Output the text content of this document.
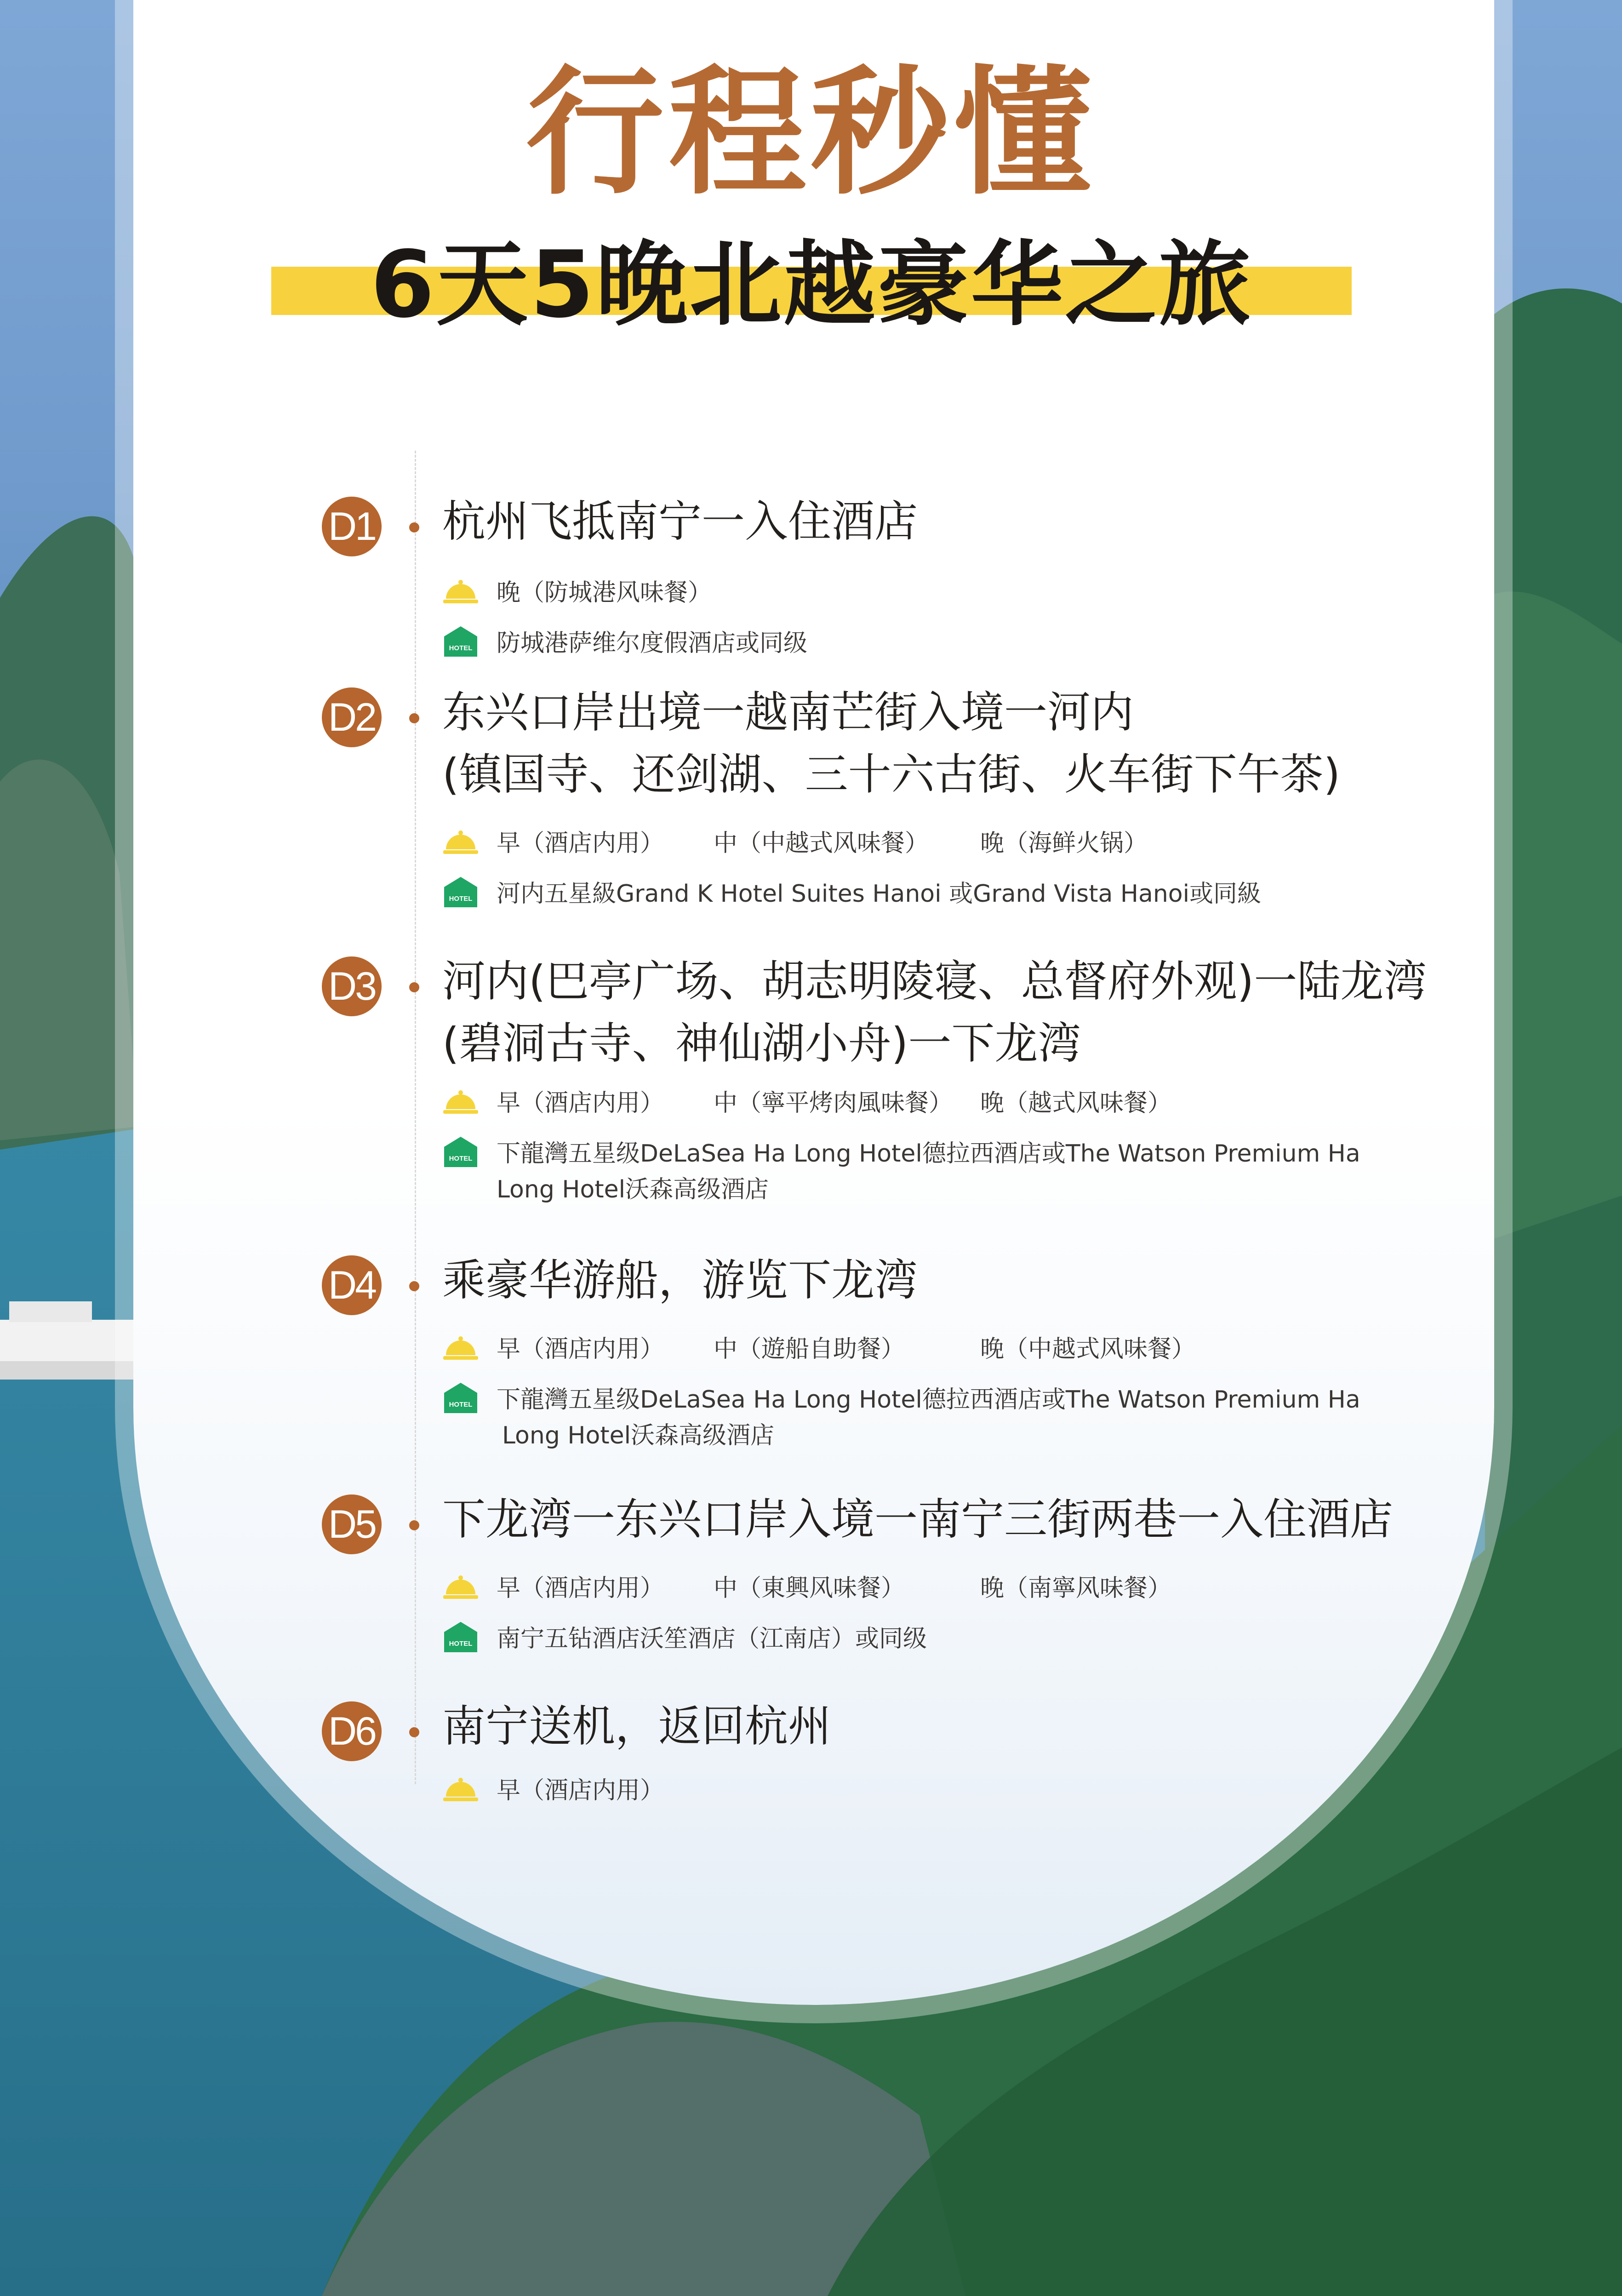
行程秒懂
6天5晚北越豪华之旅
D1 杭州飞抵南宁一入住酒店
晚（防城港风味餐）
HOTEL 防城港萨维尔度假酒店或同级
D2 东兴口岸出境一越南芒街入境一河内
(镇国寺、还剑湖、三十六古街、火车街下午茶)
早（酒店内用） 中（中越式风味餐） 晚（海鲜火锅）
HOTEL 河内五星級Grand K Hotel Suites Hanoi 或Grand Vista Hanoi或同級
D3 河内(巴亭广场、胡志明陵寝、总督府外观)一陆龙湾
(碧洞古寺、神仙湖小舟)一下龙湾
早（酒店内用） 中（寧平烤肉風味餐） 晚（越式风味餐）
HOTEL 下龍灣五星级DeLaSea Ha Long Hotel德拉西酒店或The Watson Premium Ha
Long Hotel沃森高级酒店
D4 乘豪华游船，游览下龙湾
早（酒店内用） 中（遊船自助餐）	晚（中越式风味餐）
HOTEL 下龍灣五星级DeLaSea Ha Long Hotel德拉西酒店或The Watson Premium Ha
Long Hotel沃森高级酒店
D5 下龙湾一东兴口岸入境一南宁三街两巷一入住酒店
早（酒店内用） 中（東興风味餐）	晚（南寧风味餐）
HOTEL 南宁五钻酒店沃笙酒店（江南店）或同级
D6 南宁送机，返回杭州
早（酒店内用）
